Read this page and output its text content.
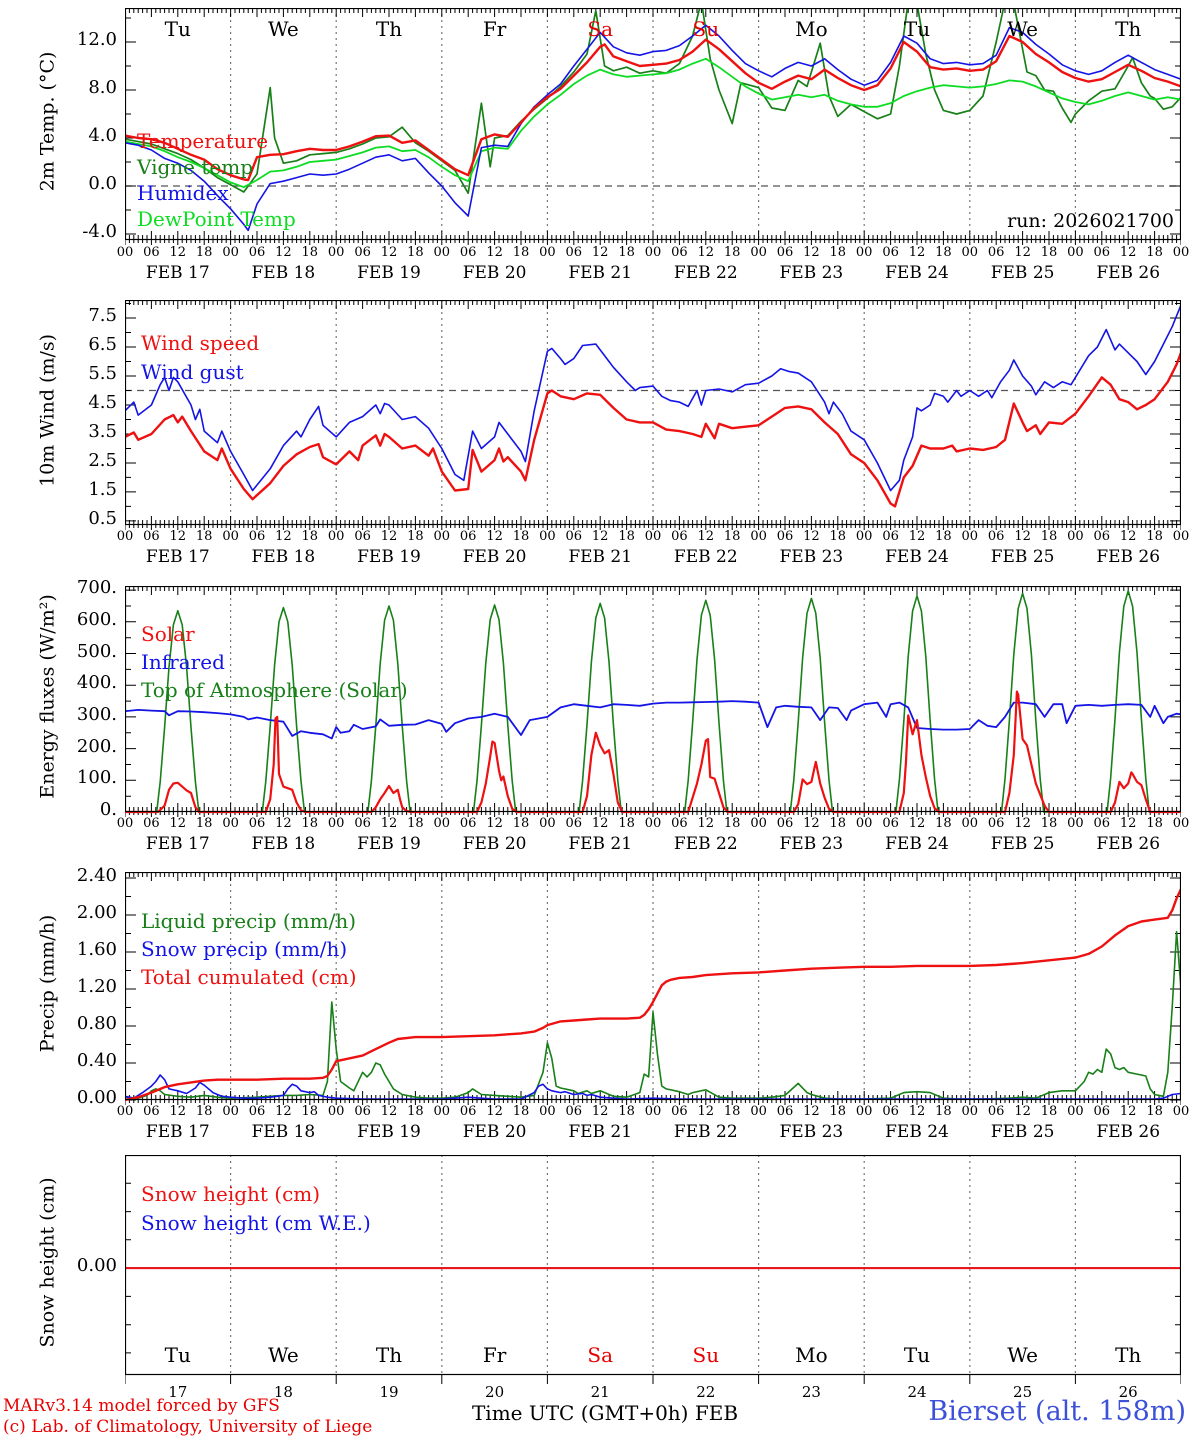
-4.0
0.0
4.0
8.0
12.0
2m Temp. (°C)	Temperature
Vigne temp
Humidex
DewPoint Temp
00 06 12 18
FEB 17
00 06 12 18
FEB 18
00 06 12 18
FEB 19
00 06 12 18
FEB 20
00 06 12 18
FEB 21
00 06 12 18
FEB 22
00 06 12 18
FEB 23
00 06 12 18
FEB 24
00 06 12 18
FEB 25
00 06 12 18
FEB 26
00
Tu	We	Th	Fr	Sa	Su	Mo	Tu	We	Th
0.5
1.5
2.5
3.5
4.5
5.5
6.5
7.5
10m Wind (m/s)	Wind speed
Wind gust
00 06 12 18
FEB 17
00 06 12 18
FEB 18
00 06 12 18
FEB 19
00 06 12 18
FEB 20
00 06 12 18
FEB 21
00 06 12 18
FEB 22
00 06 12 18
FEB 23
00 06 12 18
FEB 24
00 06 12 18
FEB 25
00 06 12 18
FEB 26
00
0.
100.
200.
300.
400.
500.
600.
700.
Energy fluxes (W/m²)	Solar
Infrared
Top of Atmosphere (Solar)
00 06 12 18
FEB 17
00 06 12 18
FEB 18
00 06 12 18
FEB 19
00 06 12 18
FEB 20
00 06 12 18
FEB 21
00 06 12 18
FEB 22
00 06 12 18
FEB 23
00 06 12 18
FEB 24
00 06 12 18
FEB 25
00 06 12 18
FEB 26
00
0.00
0.40
0.80
1.20
1.60
2.00
2.40
Precip (mm/h)	Liquid precip (mm/h)
Snow precip (mm/h)
Total cumulated (cm)
00 06 12 18
FEB 17
00 06 12 18
FEB 18
00 06 12 18
FEB 19
00 06 12 18
FEB 20
00 06 12 18
FEB 21
00 06 12 18
FEB 22
00 06 12 18
FEB 23
00 06 12 18
FEB 24
00 06 12 18
FEB 25
00 06 12 18
FEB 26
00
0.00
Snow height (cm)	Snow height (cm)
Snow height (cm W.E.)
Tu	We	Th	Fr	Sa	Su	Mo	Tu	We	Th
17	18	19	20	21	22	23	24	25	26
run: 2026021700
MARv3.14 model forced by GFS
(c) Lab. of Climatology, University of Liege
Time UTC (GMT+0h) FEB	Bierset (alt. 158m)
